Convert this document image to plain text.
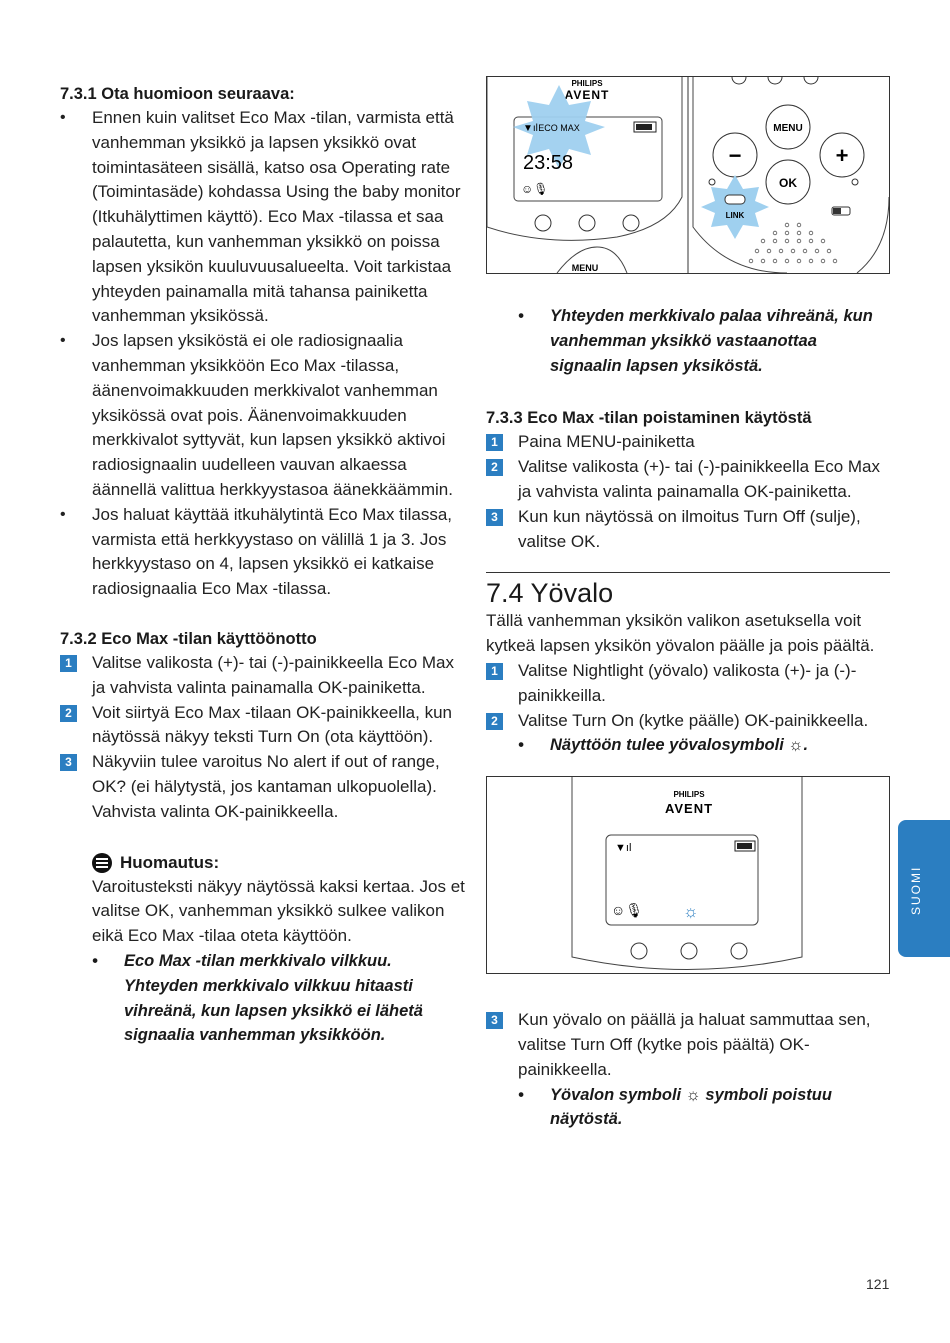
7.3.1 Ota huomioon seuraava:

• Ennen kuin valitset Eco Max -tilan, varmista että vanhemman yksikkö ja lapsen yksikkö ovat toimintasäteen sisällä, katso osa Operating rate (Toimintasäde) kohdassa Using the baby monitor (Itkuhälyttimen käyttö). Eco Max -tilassa et saa palautetta, kun vanhemman yksikkö on poissa lapsen yksikön kuuluvuusalueelta. Voit tarkistaa yhteyden painamalla mitä tahansa painiketta vanhemman yksikössä.
• Jos lapsen yksiköstä ei ole radiosignaalia vanhemman yksikköön Eco Max -tilassa, äänenvoimakkuuden merkkivalot vanhemman yksikössä ovat pois. Äänenvoimakkuuden merkkivalot syttyvät, kun lapsen yksikkö aktivoi radiosignaalin uudelleen vauvan alkaessa äännellä valittua herkkyystasoa äänekkäämmin.
• Jos haluat käyttää itkuhälytintä Eco Max tilassa, varmista että herkkyystaso on välillä 1 ja 3. Jos herkkyystaso on 4, lapsen yksikkö ei katkaise radiosignaalia Eco Max -tilassa.

7.3.2 Eco Max -tilan käyttöönotto

1	Valitse valikosta (+)- tai (-)-painikkeella Eco Max ja vahvista valinta painamalla OK-painiketta.
2	Voit siirtyä Eco Max -tilaan OK-painikkeella, kun näytössä näkyy teksti Turn On (ota käyttöön).
3	Näkyviin tulee varoitus No alert if out of range, OK? (ei hälytystä, jos kantaman ulkopuolella). Vahvista valinta OK-painikkeella.
Huomautus:

Varoitusteksti näkyy näytössä kaksi kertaa. Jos et valitse OK, vanhemman yksikkö sulkee valikon eikä Eco Max -tilaa oteta käyttöön.

• Eco Max -tilan merkkivalo vilkkuu. Yhteyden merkkivalo vilkkuu hitaasti vihreänä, kun lapsen yksikkö ei lähetä signaalia vanhemman yksikköön.
PHILIPS
AVENT
ECO MAX
▼ıl
23:58
☺🎙
MENU
MENU
−	+
OK
LINK
• Yhteyden merkkivalo palaa vihreänä, kun vanhemman yksikkö vastaanottaa signaalin lapsen yksiköstä.

7.3.3 Eco Max -tilan poistaminen käytöstä

1	Paina MENU-painiketta
2	Valitse valikosta (+)- tai (-)-painikkeella Eco Max ja vahvista valinta painamalla OK-painiketta.
3	Kun kun näytössä on ilmoitus Turn Off (sulje), valitse OK.
7.4 Yövalo

Tällä vanhemman yksikön valikon asetuksella voit kytkeä lapsen yksikön yövalon päälle ja pois päältä.

1	Valitse Nightlight (yövalo) valikosta (+)- ja (-)-painikkeilla.
2	Valitse Turn On (kytke päälle) OK-painikkeella.
• Näyttöön tulee yövalosymboli ☼.
PHILIPS
AVENT
▼ıl
☺🎙 ☼
3	Kun yövalo on päällä ja haluat sammuttaa sen, valitse Turn Off (kytke pois päältä) OK-painikkeella.
• Yövalon symboli ☼ symboli poistuu näytöstä.
SUOMI
121
